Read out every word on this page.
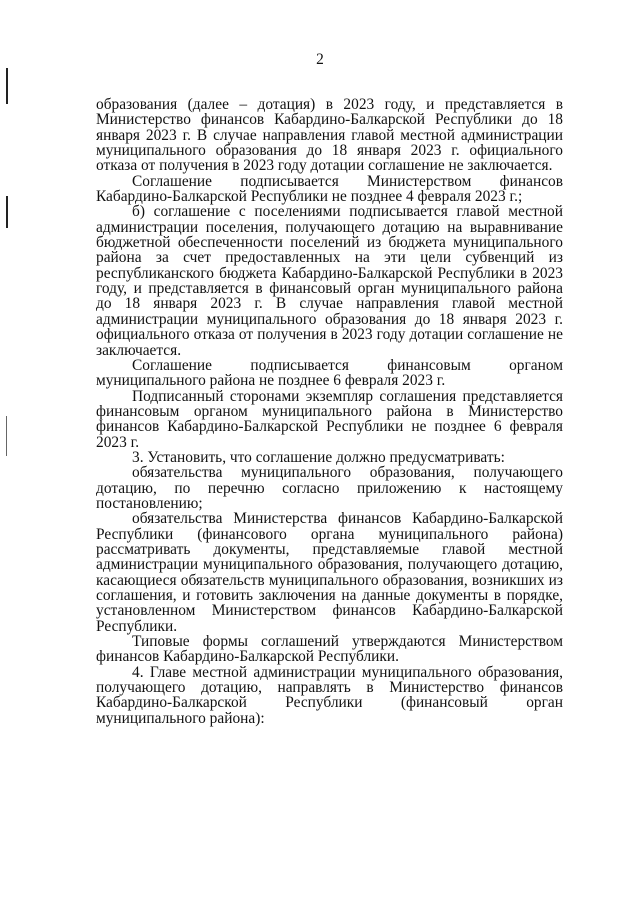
2

образования (далее – дотация) в 2023 году, и представляется в Министерство финансов Кабардино-Балкарской Республики до 18 января 2023 г. В случае направления главой местной администрации муниципального образования до 18 января 2023 г. официального отказа от получения в 2023 году дотации соглашение не заключается.

Соглашение подписывается Министерством финансов Кабардино-Балкарской Республики не позднее 4 февраля 2023 г.;

б) соглашение с поселениями подписывается главой местной администрации поселения, получающего дотацию на выравнивание бюджетной обеспеченности поселений из бюджета муниципального района за счет предоставленных на эти цели субвенций из республиканского бюджета Кабардино-Балкарской Республики в 2023 году, и представляется в финансовый орган муниципального района до 18 января 2023 г. В случае направления главой местной администрации муниципального образования до 18 января 2023 г. официального отказа от получения в 2023 году дотации соглашение не заключается.

Соглашение подписывается финансовым органом муниципального района не позднее 6 февраля 2023 г.

Подписанный сторонами экземпляр соглашения представляется финансовым органом муниципального района в Министерство финансов Кабардино-Балкарской Республики не позднее 6 февраля 2023 г.

3. Установить, что соглашение должно предусматривать:

обязательства муниципального образования, получающего дотацию, по перечню согласно приложению к настоящему постановлению;

обязательства Министерства финансов Кабардино-Балкарской Республики (финансового органа муниципального района) рассматривать документы, представляемые главой местной администрации муниципального образования, получающего дотацию, касающиеся обязательств муниципального образования, возникших из соглашения, и готовить заключения на данные документы в порядке, установленном Министерством финансов Кабардино-Балкарской Республики.

Типовые формы соглашений утверждаются Министерством финансов Кабардино-Балкарской Республики.

4. Главе местной администрации муниципального образования, получающего дотацию, направлять в Министерство финансов Кабардино-Балкарской Республики (финансовый орган муниципального района):
